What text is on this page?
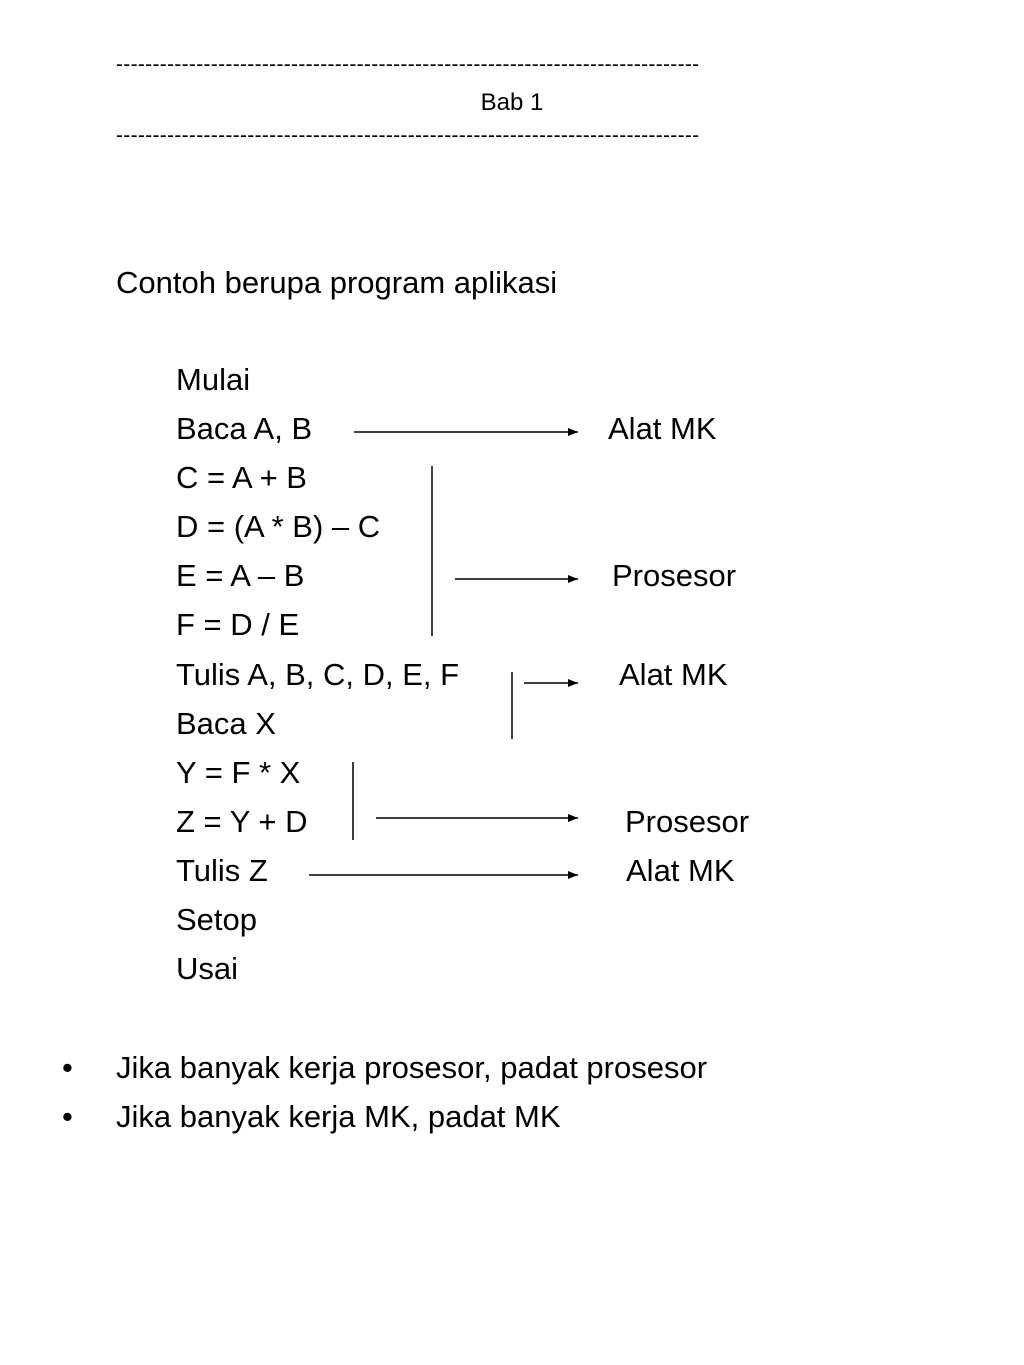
--------------------------------------------------------------------------------
Bab 1
--------------------------------------------------------------------------------
Contoh berupa program aplikasi
Mulai
Baca A, B
C = A + B
D = (A * B) – C
E = A – B
F = D / E
Tulis A, B, C, D, E, F
Baca X
Y = F * X
Z = Y + D
Tulis Z
Setop
Usai
Alat MK
Prosesor
Alat MK
Prosesor
Alat MK
• Jika banyak kerja prosesor, padat prosesor
• Jika banyak kerja MK, padat MK
